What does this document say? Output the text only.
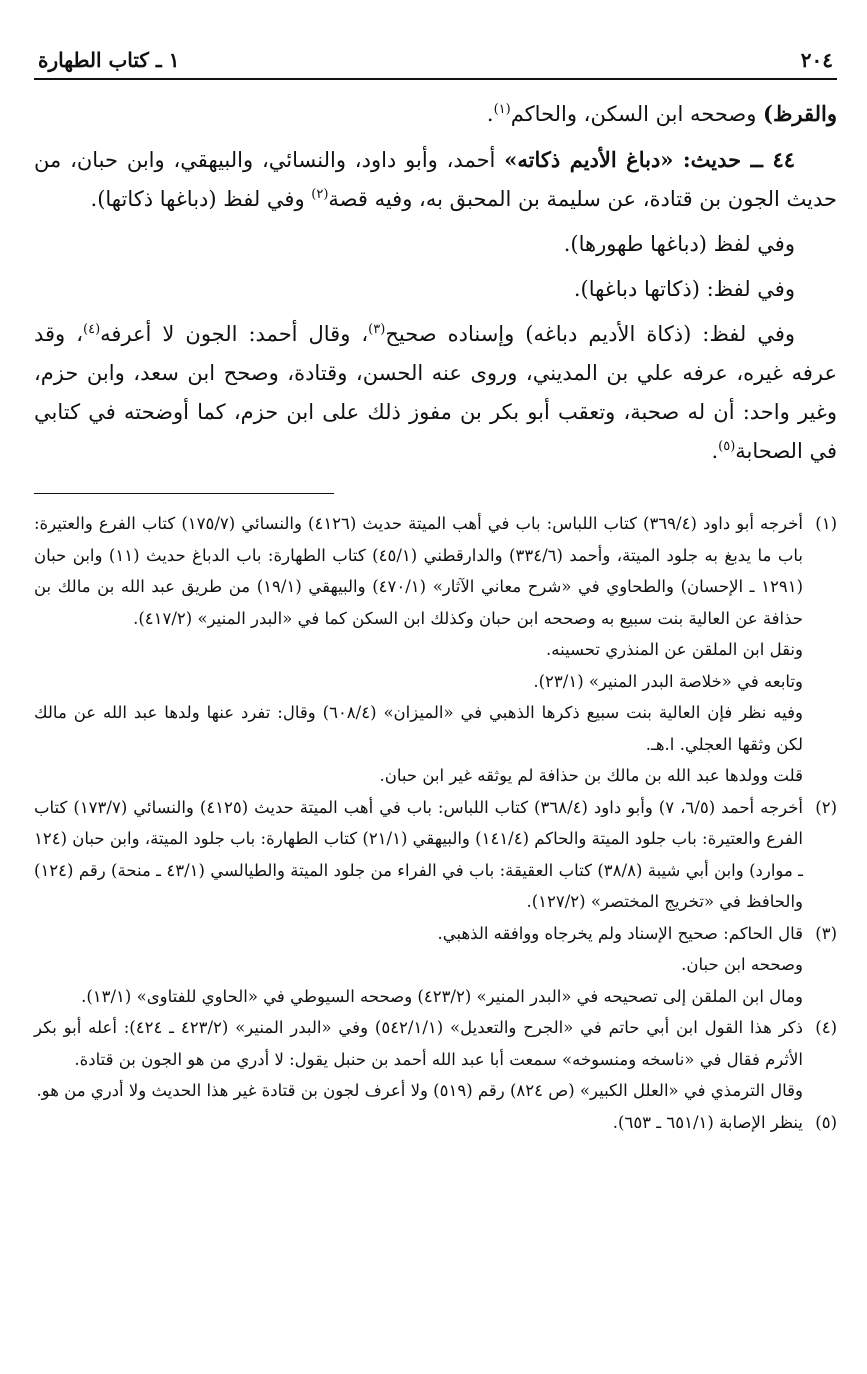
٢٠٤
١ ـ كتاب الطهارة

والقرظ) وصححه ابن السكن، والحاكم$^{(١)}$.

٤٤ ــ حديث: «دباغ الأديم ذكاته» أحمد، وأبو داود، والنسائي، والبيهقي، وابن حبان، من حديث الجون بن قتادة، عن سليمة بن المحبق به، وفيه قصة$^{(٢)}$ وفي لفظ (دباغها ذكاتها).

وفي لفظ (دباغها طهورها).

وفي لفظ: (ذكاتها دباغها).

وفي لفظ: (ذكاة الأديم دباغه) وإسناده صحيح$^{(٣)}$، وقال أحمد: الجون لا أعرفه$^{(٤)}$، وقد عرفه غيره، عرفه علي بن المديني، وروى عنه الحسن، وقتادة، وصحح ابن سعد، وابن حزم، وغير واحد: أن له صحبة، وتعقب أبو بكر بن مفوز ذلك على ابن حزم، كما أوضحته في كتابي في الصحابة$^{(٥)}$.

(١)

أخرجه أبو داود (٣٦٩/٤) كتاب اللباس: باب في أهب الميتة حديث (٤١٢٦) والنسائي (١٧٥/٧) كتاب الفرع والعتيرة: باب ما يدبغ به جلود الميتة، وأحمد (٣٣٤/٦) والدارقطني (٤٥/١) كتاب الطهارة: باب الدباغ حديث (١١) وابن حبان (١٢٩١ ـ الإحسان) والطحاوي في «شرح معاني الآثار» (٤٧٠/١) والبيهقي (١٩/١) من طريق عبد الله بن مالك بن حذافة عن العالية بنت سبيع به وصححه ابن حبان وكذلك ابن السكن كما في «البدر المنير» (٤١٧/٢).

ونقل ابن الملقن عن المنذري تحسينه.

وتابعه في «خلاصة البدر المنير» (٢٣/١).

وفيه نظر فإن العالية بنت سبيع ذكرها الذهبي في «الميزان» (٦٠٨/٤) وقال: تفرد عنها ولدها عبد الله عن مالك لكن وثقها العجلي. ا.هـ.

قلت وولدها عبد الله بن مالك بن حذافة لم يوثقه غير ابن حبان.

(٢)

أخرجه أحمد (٦/٥، ٧) وأبو داود (٣٦٨/٤) كتاب اللباس: باب في أهب الميتة حديث (٤١٢٥) والنسائي (١٧٣/٧) كتاب الفرع والعتيرة: باب جلود الميتة والحاكم (١٤١/٤) والبيهقي (٢١/١) كتاب الطهارة: باب جلود الميتة، وابن حبان (١٢٤ ـ موارد) وابن أبي شيبة (٣٨/٨) كتاب العقيقة: باب في الفراء من جلود الميتة والطيالسي (٤٣/١ ـ منحة) رقم (١٢٤) والحافظ في «تخريج المختصر» (١٢٧/٢).

(٣)

قال الحاكم: صحيح الإسناد ولم يخرجاه ووافقه الذهبي.

وصححه ابن حبان.

ومال ابن الملقن إلى تصحيحه في «البدر المنير» (٤٢٣/٢) وصححه السيوطي في «الحاوي للفتاوى» (١٣/١).

(٤)

ذكر هذا القول ابن أبي حاتم في «الجرح والتعديل» (٥٤٢/١/١) وفي «البدر المنير» (٤٢٣/٢ ـ ٤٢٤): أعله أبو بكر الأثرم فقال في «ناسخه ومنسوخه» سمعت أبا عبد الله أحمد بن حنبل يقول: لا أدري من هو الجون بن قتادة.

وقال الترمذي في «العلل الكبير» (ص ٨٢٤) رقم (٥١٩) ولا أعرف لجون بن قتادة غير هذا الحديث ولا أدري من هو.

(٥)

ينظر الإصابة (٦٥١/١ ـ ٦٥٣).
